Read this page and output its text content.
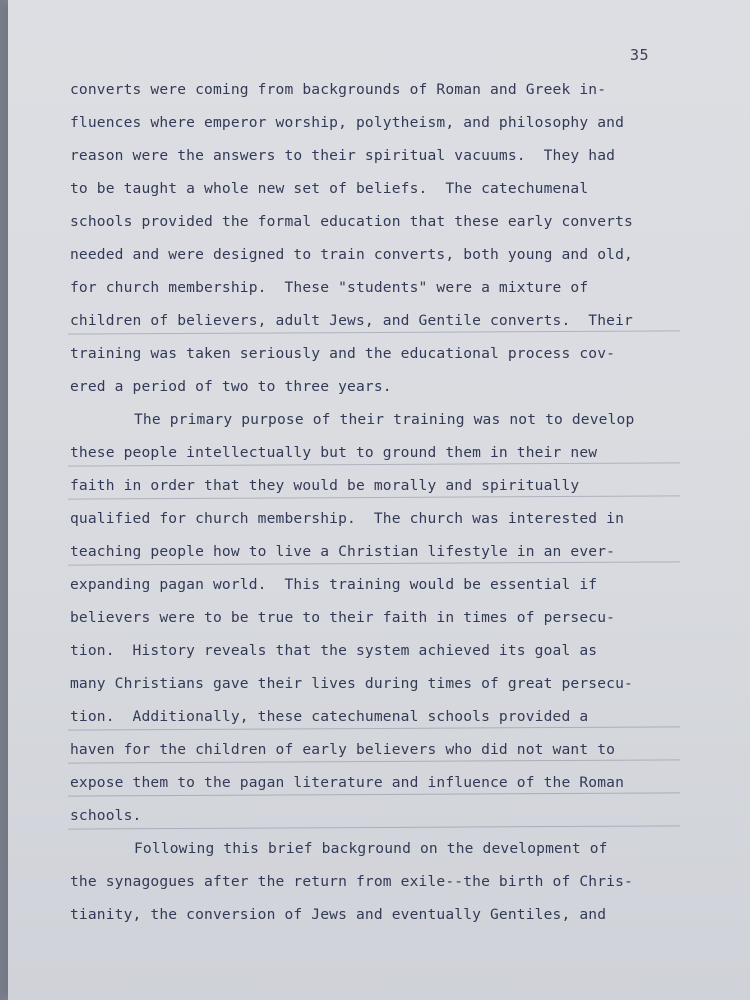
35
converts were coming from backgrounds of Roman and Greek in-
fluences where emperor worship, polytheism, and philosophy and
reason were the answers to their spiritual vacuums.  They had
to be taught a whole new set of beliefs.  The catechumenal
schools provided the formal education that these early converts
needed and were designed to train converts, both young and old,
for church membership.  These "students" were a mixture of
children of believers, adult Jews, and Gentile converts.  Their
training was taken seriously and the educational process cov-
ered a period of two to three years.
The primary purpose of their training was not to develop
these people intellectually but to ground them in their new
faith in order that they would be morally and spiritually
qualified for church membership.  The church was interested in
teaching people how to live a Christian lifestyle in an ever-
expanding pagan world.  This training would be essential if
believers were to be true to their faith in times of persecu-
tion.  History reveals that the system achieved its goal as
many Christians gave their lives during times of great persecu-
tion.  Additionally, these catechumenal schools provided a
haven for the children of early believers who did not want to
expose them to the pagan literature and influence of the Roman
schools.
Following this brief background on the development of
the synagogues after the return from exile--the birth of Chris-
tianity, the conversion of Jews and eventually Gentiles, and
